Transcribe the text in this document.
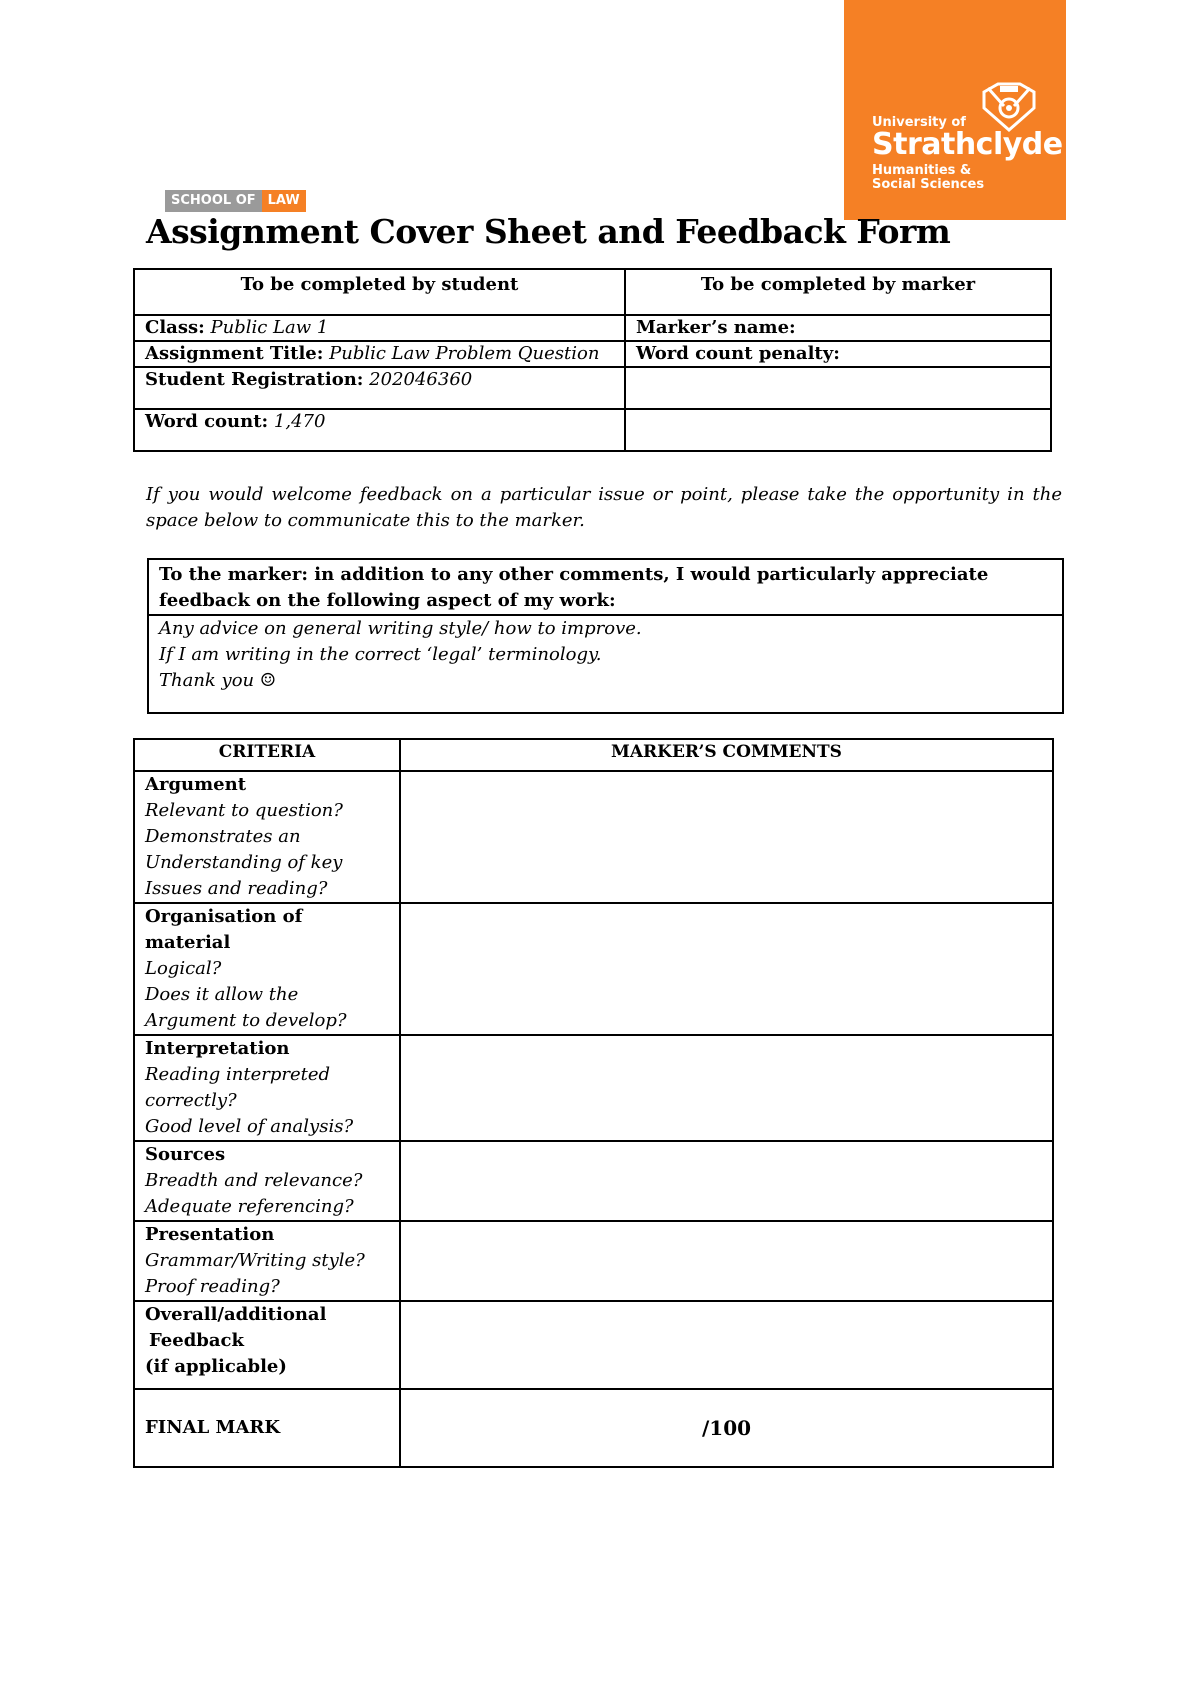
University of
Strathclyde
Humanities &
Social Sciences
SCHOOL OF LAW
Assignment Cover Sheet and Feedback Form
To be completed by student	To be completed by marker
Class: Public Law 1	Marker’s name:
Assignment Title: Public Law Problem Question	Word count penalty:
Student Registration: 202046360	
Word count: 1,470	
If you would welcome feedback on a particular issue or point, please take the opportunity in the space below to communicate this to the marker.
To the marker: in addition to any other comments, I would particularly appreciate feedback on the following aspect of my work:

Any advice on general writing style/ how to improve.
If I am writing in the correct ‘legal’ terminology.
Thank you ☺
CRITERIA	MARKER’S COMMENTS

Argument
Relevant to question?
Demonstrates an
Understanding of key
Issues and reading?	

Organisation of material
Logical?
Does it allow the
Argument to develop?	

Interpretation
Reading interpreted
correctly?
Good level of analysis?	

Sources
Breadth and relevance?
Adequate referencing?	

Presentation
Grammar/Writing style?
Proof reading?	

Overall/additional
Feedback
(if applicable)	

FINAL MARK	/100
